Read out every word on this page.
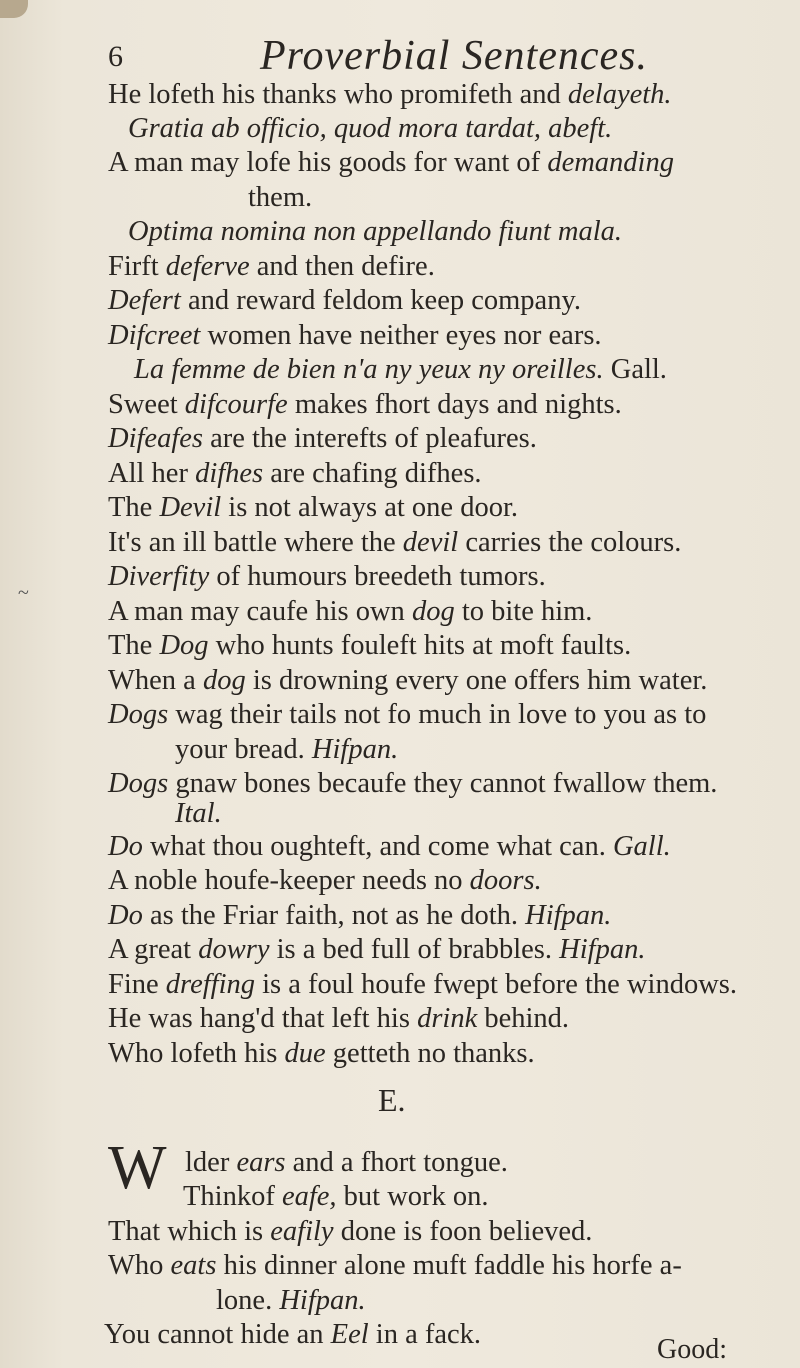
6	Proverbial Sentences.
~
He lofeth his thanks who promifeth and delayeth.
Gratia ab officio, quod mora tardat, abeft.
A man may lofe his goods for want of demanding
them.
Optima nomina non appellando fiunt mala.
Firft deferve and then defire.
Defert and reward feldom keep company.
Difcreet women have neither eyes nor ears.
La femme de bien n'a ny yeux ny oreilles. Gall.
Sweet difcourfe makes fhort days and nights.
Difeafes are the interefts of pleafures.
All her difhes are chafing difhes.
The Devil is not always at one door.
It's an ill battle where the devil carries the colours.
Diverfity of humours breedeth tumors.
A man may caufe his own dog to bite him.
The Dog who hunts fouleft hits at moft faults.
When a dog is drowning every one offers him water.
Dogs wag their tails not fo much in love to you as to
your bread. Hifpan.
Dogs gnaw bones becaufe they cannot fwallow them.
Ital.
Do what thou oughteft, and come what can. Gall.
A noble houfe-keeper needs no doors.
Do as the Friar faith, not as he doth. Hifpan.
A great dowry is a bed full of brabbles. Hifpan.
Fine dreffing is a foul houfe fwept before the windows.
He was hang'd that left his drink behind.
Who lofeth his due getteth no thanks.
E.
W lder ears and a fhort tongue.
Thinkof eafe, but work on.
That which is eafily done is foon believed.
Who eats his dinner alone muft faddle his horfe a-
lone. Hifpan.
You cannot hide an Eel in a fack.	Good:
